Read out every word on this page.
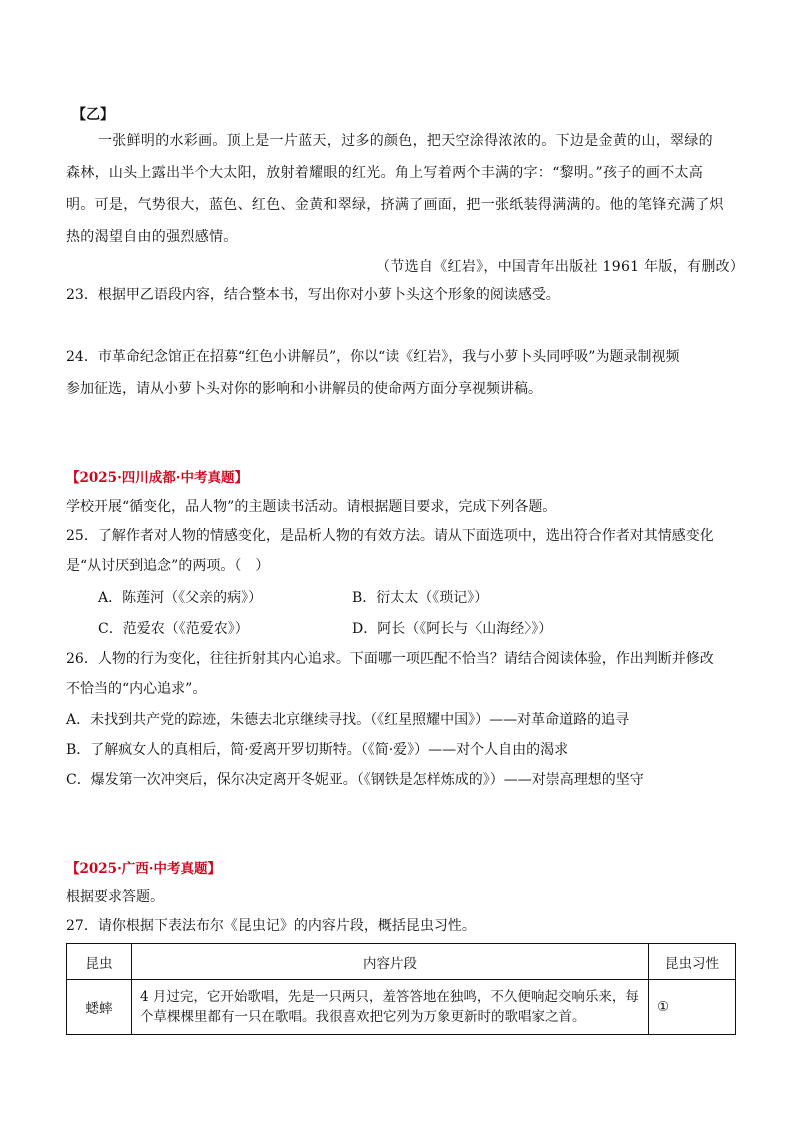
【乙】
一张鲜明的水彩画。顶上是一片蓝天，过多的颜色，把天空涂得浓浓的。下边是金黄的山，翠绿的
森林，山头上露出半个大太阳，放射着耀眼的红光。角上写着两个丰满的字：“黎明。”孩子的画不太高
明。可是，气势很大，蓝色、红色、金黄和翠绿，挤满了画面，把一张纸装得满满的。他的笔锋充满了炽
热的渴望自由的强烈感情。
（节选自《红岩》，中国青年出版社 1961 年版，有删改）
23．根据甲乙语段内容，结合整本书，写出你对小萝卜头这个形象的阅读感受。
24．市革命纪念馆正在招募“红色小讲解员”，你以“读《红岩》，我与小萝卜头同呼吸”为题录制视频
参加征选，请从小萝卜头对你的影响和小讲解员的使命两方面分享视频讲稿。
【2025·四川成都·中考真题】
学校开展“循变化，品人物”的主题读书活动。请根据题目要求，完成下列各题。
25．了解作者对人物的情感变化，是品析人物的有效方法。请从下面选项中，选出符合作者对其情感变化
是“从讨厌到追念”的两项。（　）
A．陈莲河（《父亲的病》）	B．衍太太（《琐记》）
C．范爱农（《范爱农》）	D．阿长（《阿长与〈山海经〉》）
26．人物的行为变化，往往折射其内心追求。下面哪一项匹配不恰当？请结合阅读体验，作出判断并修改
不恰当的“内心追求”。
A．未找到共产党的踪迹，朱德去北京继续寻找。（《红星照耀中国》）——对革命道路的追寻
B．了解疯女人的真相后，简·爱离开罗切斯特。（《简·爱》）——对个人自由的渴求
C．爆发第一次冲突后，保尔决定离开冬妮亚。（《钢铁是怎样炼成的》）——对崇高理想的坚守
【2025·广西·中考真题】
根据要求答题。
27．请你根据下表法布尔《昆虫记》的内容片段，概括昆虫习性。
昆虫	内容片段	昆虫习性
蟋蟀	4 月过完，它开始歌唱，先是一只两只，羞答答地在独鸣，不久便响起交响乐来，每个草棵棵里都有一只在歌唱。我很喜欢把它列为万象更新时的歌唱家之首。	①
